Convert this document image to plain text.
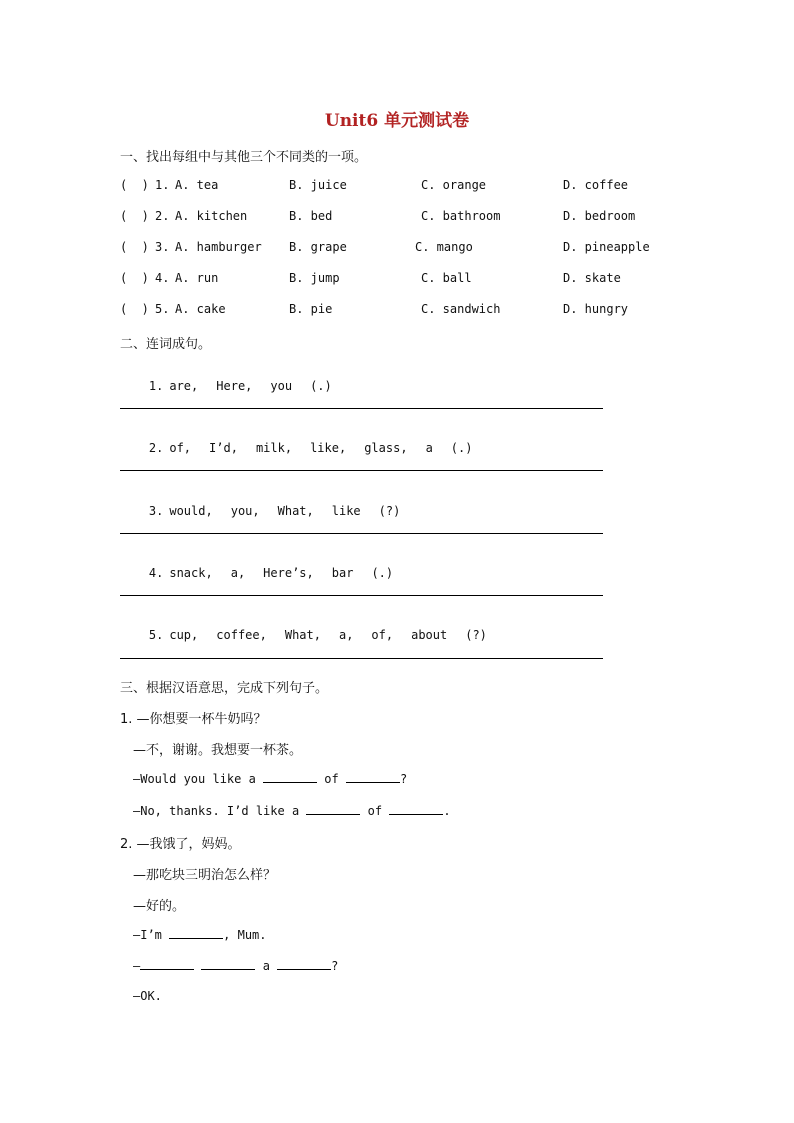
Unit6 单元测试卷
一、找出每组中与其他三个不同类的一项。
(  ) 1. A. tea	B. juice	C. orange	D. coffee
(  ) 2. A. kitchen	B. bed	C. bathroom	D. bedroom
(  ) 3. A. hamburger B. grape	C. mango	D. pineapple
(  ) 4. A. run	B. jump	C. ball	D. skate
(  ) 5. A. cake	B. pie	C. sandwich	D. hungry
二、连词成句。

1. are, Here, you (.)

2. of, I’d, milk, like, glass, a (.)

3. would, you, What, like (?)

4. snack, a, Here’s, bar (.)

5. cup, coffee, What, a, of, about (?)

三、根据汉语意思，完成下列句子。
1. —你想要一杯牛奶吗？
—不，谢谢。我想要一杯茶。
—Would you like a	of	?
—No, thanks. I’d like a	of	.
2. —我饿了，妈妈。
—那吃块三明治怎么样？
—好的。
—I’m	, Mum.
—	a	?
—OK.
